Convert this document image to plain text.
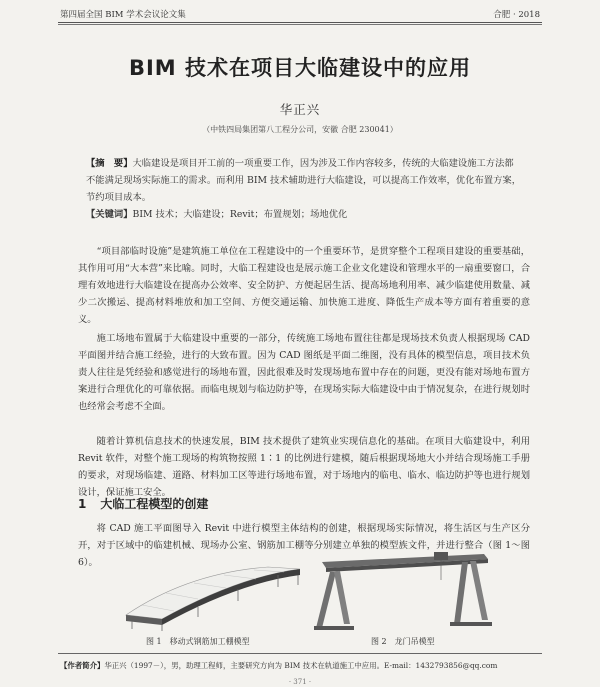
第四届全国 BIM 学术会议论文集	合肥 · 2018
BIM 技术在项目大临建设中的应用
华正兴
（中铁四局集团第八工程分公司，安徽 合肥 230041）
【摘　要】大临建设是项目开工前的一项重要工作，因为涉及工作内容较多，传统的大临建设施工方法都不能满足现场实际施工的需求。而利用 BIM 技术辅助进行大临建设，可以提高工作效率，优化布置方案，节约项目成本。
【关键词】BIM 技术；大临建设；Revit；布置规划；场地优化
“项目部临时设施”是建筑施工单位在工程建设中的一个重要环节，是贯穿整个工程项目建设的重要基础，其作用可用“大本营”来比喻。同时，大临工程建设也是展示施工企业文化建设和管理水平的一扇重要窗口，合理有效地进行大临建设在提高办公效率、安全防护、方便起居生活、提高场地利用率、减少临建使用数量、减少二次搬运、提高材料堆放和加工空间、方便交通运输、加快施工进度、降低生产成本等方面有着重要的意义。
施工场地布置属于大临建设中重要的一部分，传统施工场地布置往往都是现场技术负责人根据现场 CAD 平面图并结合施工经验，进行的大致布置。因为 CAD 图纸是平面二维图，没有具体的模型信息，项目技术负责人往往是凭经验和感觉进行的场地布置，因此很难及时发现场地布置中存在的问题，更没有能对场地布置方案进行合理优化的可靠依据。而临电规划与临边防护等，在现场实际大临建设中由于情况复杂，在进行规划时也经常会考虑不全面。
随着计算机信息技术的快速发展，BIM 技术提供了建筑业实现信息化的基础。在项目大临建设中，利用 Revit 软件，对整个施工现场的构筑物按照 1∶1 的比例进行建模，随后根据现场地大小并结合现场施工手册的要求，对现场临建、道路、材料加工区等进行场地布置，对于场地内的临电、临水、临边防护等也进行规划设计，保证施工安全。
1 大临工程模型的创建
将 CAD 施工平面图导入 Revit 中进行模型主体结构的创建，根据现场实际情况，将生活区与生产区分开，对于区域中的临建机械、现场办公室、钢筋加工棚等分别建立单独的模型族文件，并进行整合（图 1～图 6）。
图 1　移动式钢筋加工棚模型	图 2　龙门吊模型
【作者简介】华正兴（1997－），男，助理工程师，主要研究方向为 BIM 技术在轨道施工中应用。E-mail：1432793856@qq.com
· 371 ·
